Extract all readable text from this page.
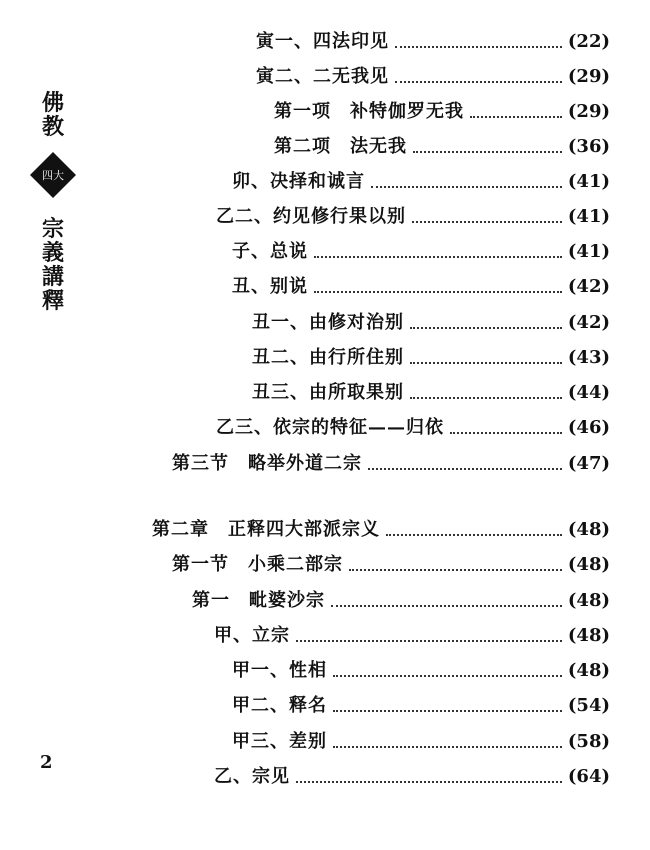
佛
教
四大
宗
義
講
釋
寅一、四法印见	(22)
寅二、二无我见	(29)
第一项　补特伽罗无我	(29)
第二项　法无我	(36)
卯、决择和诚言	(41)
乙二、约见修行果以别	(41)
子、总说	(41)
丑、别说	(42)
丑一、由修对治别	(42)
丑二、由行所住别	(43)
丑三、由所取果别	(44)
乙三、依宗的特征——归依	(46)
第三节　略举外道二宗	(47)
第二章　正释四大部派宗义	(48)
第一节　小乘二部宗	(48)
第一　毗婆沙宗	(48)
甲、立宗	(48)
甲一、性相	(48)
甲二、释名	(54)
甲三、差别	(58)
乙、宗见	(64)
2
